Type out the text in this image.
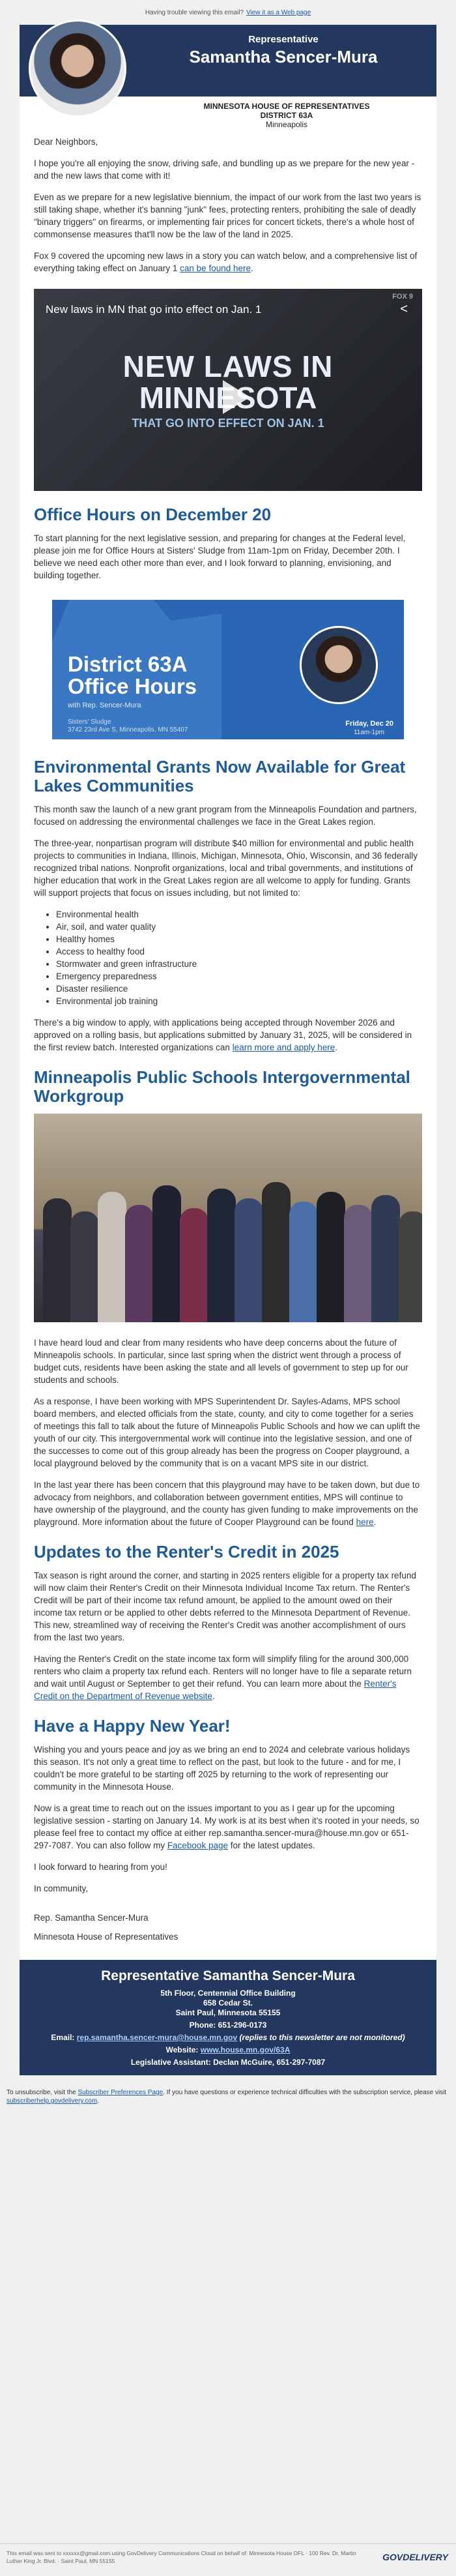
Having trouble viewing this email? View it as a Web page
Representative
Samantha Sencer-Mura
MINNESOTA HOUSE OF REPRESENTATIVES
DISTRICT 63A
Minneapolis

Dear Neighbors,

I hope you're all enjoying the snow, driving safe, and bundling up as we prepare for the new year - and the new laws that come with it!

Even as we prepare for a new legislative biennium, the impact of our work from the last two years is still taking shape, whether it's banning "junk" fees, protecting renters, prohibiting the sale of deadly "binary triggers" on firearms, or implementing fair prices for concert tickets, there's a whole host of commonsense measures that'll now be the law of the land in 2025.

Fox 9 covered the upcoming new laws in a story you can watch below, and a comprehensive list of everything taking effect on January 1 can be found here.

New laws in MN that go into effect on Jan. 1
FOX 9
<
NEW LAWS IN
MINNESOTA
THAT GO INTO EFFECT ON JAN. 1
Office Hours on December 20

To start planning for the next legislative session, and preparing for changes at the Federal level, please join me for Office Hours at Sisters' Sludge from 11am-1pm on Friday, December 20th. I believe we need each other more than ever, and I look forward to planning, envisioning, and building together.

District 63A
Office Hours
with Rep. Sencer-Mura
Sisters' Sludge
3742 23rd Ave S, Minneapolis, MN 55407
Friday, Dec 20
11am-1pm
Environmental Grants Now Available for Great Lakes Communities

This month saw the launch of a new grant program from the Minneapolis Foundation and partners, focused on addressing the environmental challenges we face in the Great Lakes region.

The three-year, nonpartisan program will distribute $40 million for environmental and public health projects to communities in Indiana, Illinois, Michigan, Minnesota, Ohio, Wisconsin, and 36 federally recognized tribal nations. Nonprofit organizations, local and tribal governments, and institutions of higher education that work in the Great Lakes region are all welcome to apply for funding. Grants will support projects that focus on issues including, but not limited to:

• Environmental health
• Air, soil, and water quality
• Healthy homes
• Access to healthy food
• Stormwater and green infrastructure
• Emergency preparedness
• Disaster resilience
• Environmental job training

There's a big window to apply, with applications being accepted through November 2026 and approved on a rolling basis, but applications submitted by January 31, 2025, will be considered in the first review batch. Interested organizations can learn more and apply here.

Minneapolis Public Schools Intergovernmental Workgroup

I have heard loud and clear from many residents who have deep concerns about the future of Minneapolis schools. In particular, since last spring when the district went through a process of budget cuts, residents have been asking the state and all levels of government to step up for our students and schools.

As a response, I have been working with MPS Superintendent Dr. Sayles-Adams, MPS school board members, and elected officials from the state, county, and city to come together for a series of meetings this fall to talk about the future of Minneapolis Public Schools and how we can uplift the youth of our city. This intergovernmental work will continue into the legislative session, and one of the successes to come out of this group already has been the progress on Cooper playground, a local playground beloved by the community that is on a vacant MPS site in our district.

In the last year there has been concern that this playground may have to be taken down, but due to advocacy from neighbors, and collaboration between government entities, MPS will continue to have ownership of the playground, and the county has given funding to make improvements on the playground. More information about the future of Cooper Playground can be found here.

Updates to the Renter's Credit in 2025

Tax season is right around the corner, and starting in 2025 renters eligible for a property tax refund will now claim their Renter's Credit on their Minnesota Individual Income Tax return. The Renter's Credit will be part of their income tax refund amount, be applied to the amount owed on their income tax return or be applied to other debts referred to the Minnesota Department of Revenue. This new, streamlined way of receiving the Renter's Credit was another accomplishment of ours from the last two years.

Having the Renter's Credit on the state income tax form will simplify filing for the around 300,000 renters who claim a property tax refund each. Renters will no longer have to file a separate return and wait until August or September to get their refund. You can learn more about the Renter's Credit on the Department of Revenue website.

Have a Happy New Year!

Wishing you and yours peace and joy as we bring an end to 2024 and celebrate various holidays this season. It's not only a great time to reflect on the past, but look to the future - and for me, I couldn't be more grateful to be starting off 2025 by returning to the work of representing our community in the Minnesota House.

Now is a great time to reach out on the issues important to you as I gear up for the upcoming legislative session - starting on January 14. My work is at its best when it's rooted in your needs, so please feel free to contact my office at either rep.samantha.sencer-mura@house.mn.gov or 651-297-7087. You can also follow my Facebook page for the latest updates.

I look forward to hearing from you!

In community,

Rep. Samantha Sencer-Mura

Minnesota House of Representatives

Representative Samantha Sencer-Mura
5th Floor, Centennial Office Building
658 Cedar St.
Saint Paul, Minnesota 55155
Phone: 651-296-0173
Email: rep.samantha.sencer-mura@house.mn.gov (replies to this newsletter are not monitored)
Website: www.house.mn.gov/63A
Legislative Assistant: Declan McGuire, 651-297-7087
To unsubscribe, visit the Subscriber Preferences Page. If you have questions or experience technical difficulties with the subscription service, please visit subscriberhelp.govdelivery.com.
This email was sent to xxxxxx@gmail.com using GovDelivery Communications Cloud on behalf of: Minnesota House DFL · 100 Rev. Dr. Martin Luther King Jr. Blvd. · Saint Paul, MN 55155	GOVDELIVERY
